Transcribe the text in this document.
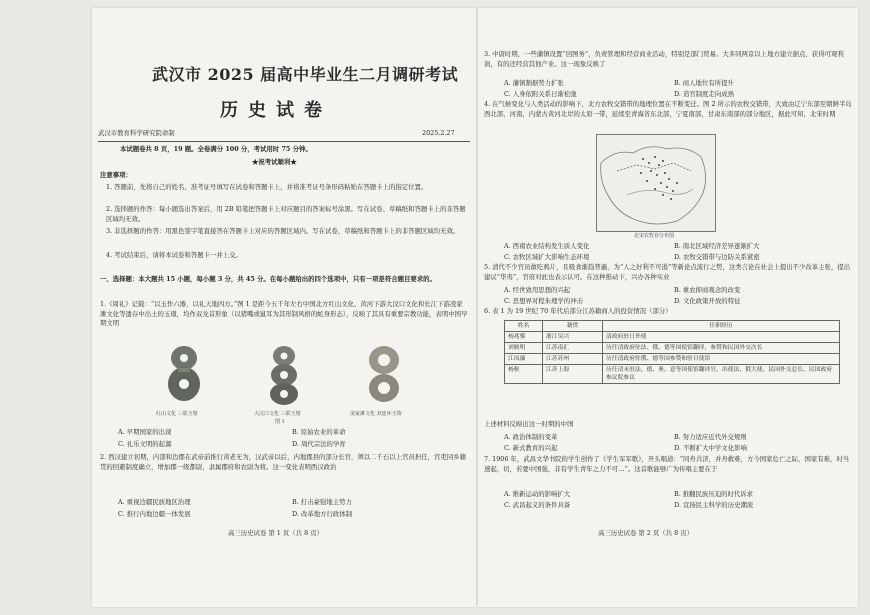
武汉市 2025 届高中毕业生二月调研考试
历史试卷
武汉市教育科学研究院命制	2025.2.27
本试题卷共 8 页，19 题。全卷满分 100 分，考试用时 75 分钟。
★祝考试顺利★
注意事项：
1. 答题前，先将自己的姓名、准考证号填写在试卷和答题卡上，并将准考证号条形码粘贴在答题卡上的指定位置。
2. 选择题的作答：每小题选出答案后，用 2B 铅笔把答题卡上对应题目的答案标号涂黑。写在试卷、草稿纸和答题卡上的非答题区域均无效。
3. 非选择题的作答：用黑色签字笔直接答在答题卡上对应的答题区域内。写在试卷、草稿纸和答题卡上的非答题区域均无效。
4. 考试结束后，请将本试卷和答题卡一并上交。
一、选择题：本大题共 15 小题，每小题 3 分，共 45 分。在每小题给出的四个选项中，只有一项是符合题目要求的。
1.《周礼》记载：“以玉作六器，以礼天地四方。”图 1 是距今五千年左右中国北方红山文化、黄河下游大汶口文化和长江下游凌家滩文化等遗存中出土的玉璜，均作双龙首形象（以猪嘴或鼠耳为其形制风格的蛇身形态），反映了其具有重要宗教功能，表明中国早期文明
红山文化 三联玉璧	大汶口文化 三联玉璧	凌家滩文化 双连环玉饰
图 1
A. 早期国家的出现	B. 原始农业的革命
C. 礼乐文明的起源	D. 周代宗法的孕育
2. 西汉建立初期，内部和边郡在武帝前推行黄老无为，汉武帝以后，内地郡县的部分长官，须以二千石以上官员担任，官吏同乡籍贯的回避制度确立，增加郡一级都尉，隶属郡府和农尉为将。这一变化表明西汉政治
A. 重视边疆民族地区治理	B. 打击豪强地主势力
C. 推行内地边疆一体发展	D. 改革地方行政体制
高三历史试卷 第 1 页（共 8 页）
3. 中唐时期，一些藩镇设置“回图务”，负责管理和经营商业活动，特别是部门贸易。大多同两京以上地方建立据点，获得可观利润，有的还经营其他产业。这一现象反映了
A. 藩镇割据势力扩张	B. 商人地位有所提升
C. 人身依附关系日渐松弛	D. 造官制度走向成熟
4. 在气候变化与人类活动的影响下，北方农牧交错带的地理位置在不断变迁。图 2 所示的农牧交错带，大致由辽宁东部至朝鲜半岛西北部，河南，内蒙古黄河北岸的太原一带，延续至青海省东北部，宁夏南部，甘肃东南部的部分地区，据此可知，北宋时期
北宋农牧业分布图
A. 西南农业结构发生质人变化	B. 南北区域经济差异逐渐扩大
C. 农牧区域扩大影响生态环境	D. 农牧交错带与边防关系紧密
5. 清代不少官员敢吃鸦片，且吸食渐趋普遍，为“人之好利不可遏”等新论点流行之势，这类言论在社会上提出不少改革主张，提出建议“华夷”，官府对此也表示认可。在这种推动下，兴办各种实业
A. 经世致用思想的兴起	B. 重农抑商观念的改变
C. 思想界对程朱理学的冲击	D. 文化政策开放的特征
6. 表 1 为 19 世纪 70 年代后部分江苏籍商人的投资情况（部分）
姓名	籍贯	任职经历
杨兆鏊	浙江吴兴	清政府驻日外使
刘骏明	江苏南汇	历任清政府驻法、俄、德等国使馆翻译，参赞和民国外交次长
江凤藻	江苏苏州	历任清政府驻俄、德等国参赞和驻日使馆
杨枢	江苏上海	历任清末驻法、德、奥、意等国使馆翻译官，出使法、俄大使，民国外交总长，民国政府参议院参议
上述材料反映出这一时期的中国
A. 政治体制的变革	B. 努力适应近代外交规则
C. 新式教育的兴起	D. 不断扩大中学文化影响
7. 1906 年，武昌文华书院的学生创作了《学生军军歌》，开头唱道：“同舟共济，并舟救难，方今国家危亡之际，国家有难，时当速起，切，若要中国强，非有学生青年之力不可…”。这首歌能够广为传唱主要在于
A. 维新运动的影响扩大	B. 推翻民族压迫的时代诉求
C. 武昌起义的条件具备	D. 宣扬民主科学的历史潮流
高三历史试卷 第 2 页（共 8 页）
